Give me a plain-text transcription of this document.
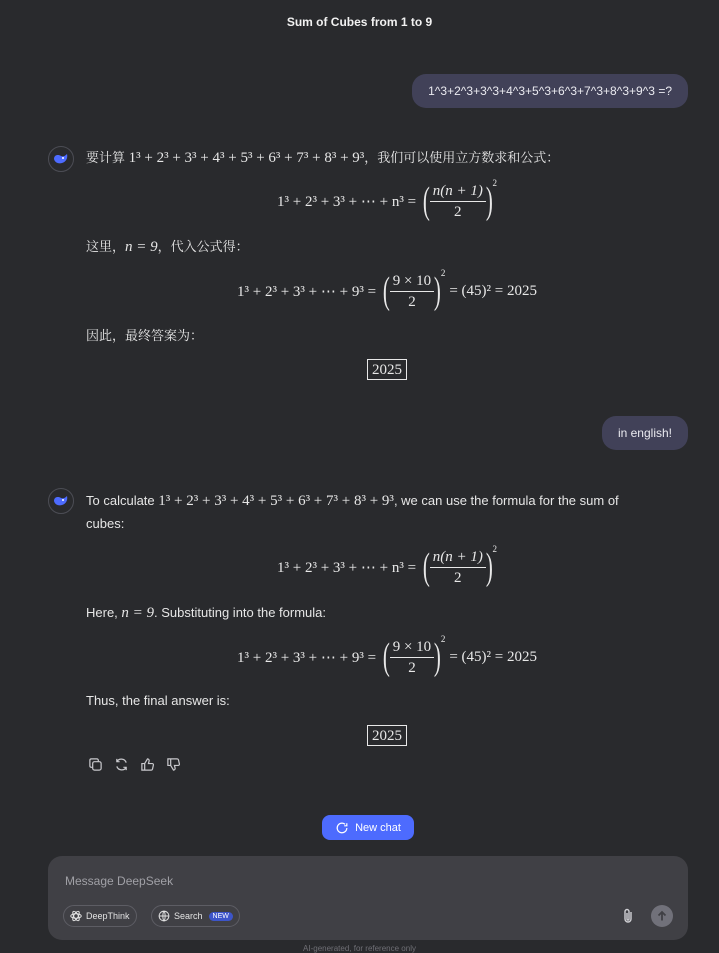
Sum of Cubes from 1 to 9
1^3+2^3+3^3+4^3+5^3+6^3+7^3+8^3+9^3 =?
要计算 1³ + 2³ + 3³ + 4³ + 5³ + 6³ + 7³ + 8³ + 9³，我们可以使用立方数求和公式：
1³ + 2³ + 3³ + ⋯ + n³ = ( $\frac{n(n + 1)}{2}$ ) 2
这里，n = 9，代入公式得：
1³ + 2³ + 3³ + ⋯ + 9³ = ( $\frac{9 \times 10}{2}$ ) 2
= (45)² = 2025
因此，最终答案为：
2025
in english!
To calculate 1³ + 2³ + 3³ + 4³ + 5³ + 6³ + 7³ + 8³ + 9³, we can use the formula for the sum of
cubes:
1³ + 2³ + 3³ + ⋯ + n³ = ( $\frac{n(n + 1)}{2}$ ) 2
Here, n = 9. Substituting into the formula:
1³ + 2³ + 3³ + ⋯ + 9³ = ( $\frac{9 \times 10}{2}$ ) 2
= (45)² = 2025
Thus, the final answer is:
2025
New chat
Message DeepSeek
DeepThink	Search	NEW
AI-generated, for reference only
